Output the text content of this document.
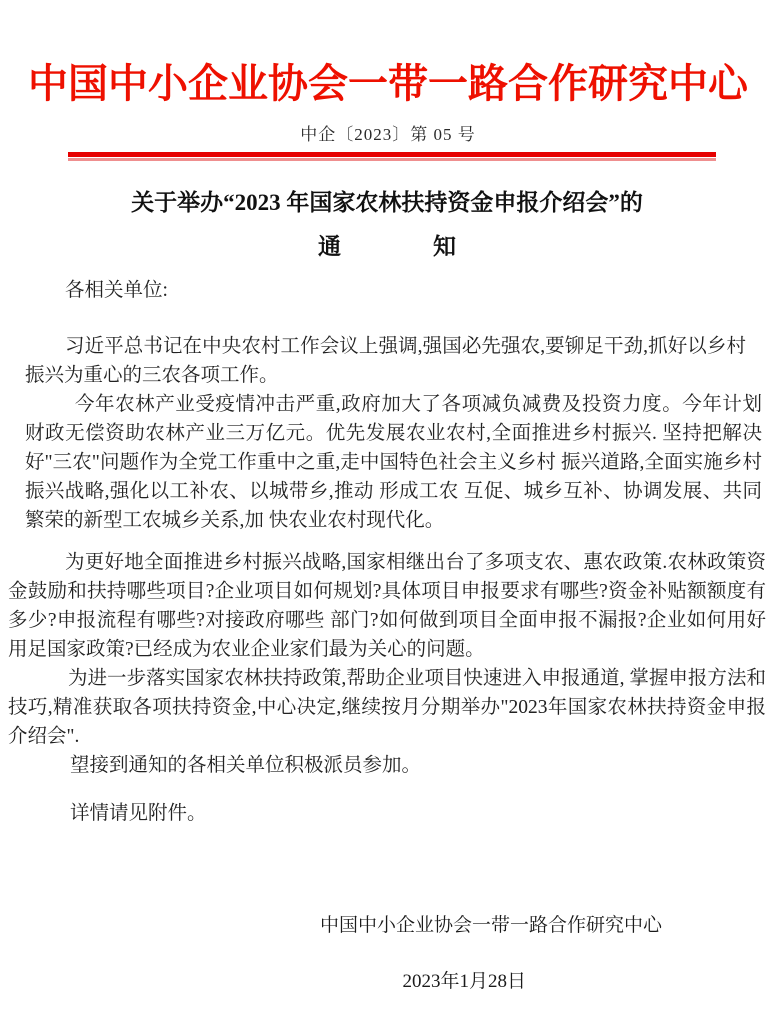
中国中小企业协会一带一路合作研究中心
中企〔2023〕第 05 号
关于举办“2023 年国家农林扶持资金申报介绍会”的
通　　　　知

各相关单位:

习近平总书记在中央农村工作会议上强调,强国必先强农,要铆足干劲,抓好以乡村振兴为重心的三农各项工作。

今年农林产业受疫情冲击严重,政府加大了各项减负减费及投资力度。今年计划财政无偿资助农林产业三万亿元。优先发展农业农村,全面推进乡村振兴. 坚持把解决好"三农"问题作为全党工作重中之重,走中国特色社会主义乡村 振兴道路,全面实施乡村振兴战略,强化以工补农、以城带乡,推动 形成工农 互促、城乡互补、协调发展、共同繁荣的新型工农城乡关系,加 快农业农村现代化。

为更好地全面推进乡村振兴战略,国家相继出台了多项支农、惠农政策.农林政策资金鼓励和扶持哪些项目?企业项目如何规划?具体项目申报要求有哪些?资金补贴额额度有多少?申报流程有哪些?对接政府哪些 部门?如何做到项目全面申报不漏报?企业如何用好用足国家政策?已经成为农业企业家们最为关心的问题。

为进一步落实国家农林扶持政策,帮助企业项目快速进入申报通道, 掌握申报方法和技巧,精准获取各项扶持资金,中心决定,继续按月分期举办"2023年国家农林扶持资金申报介绍会".

望接到通知的各相关单位积极派员参加。

详情请见附件。

中国中小企业协会一带一路合作研究中心
2023年1月28日
